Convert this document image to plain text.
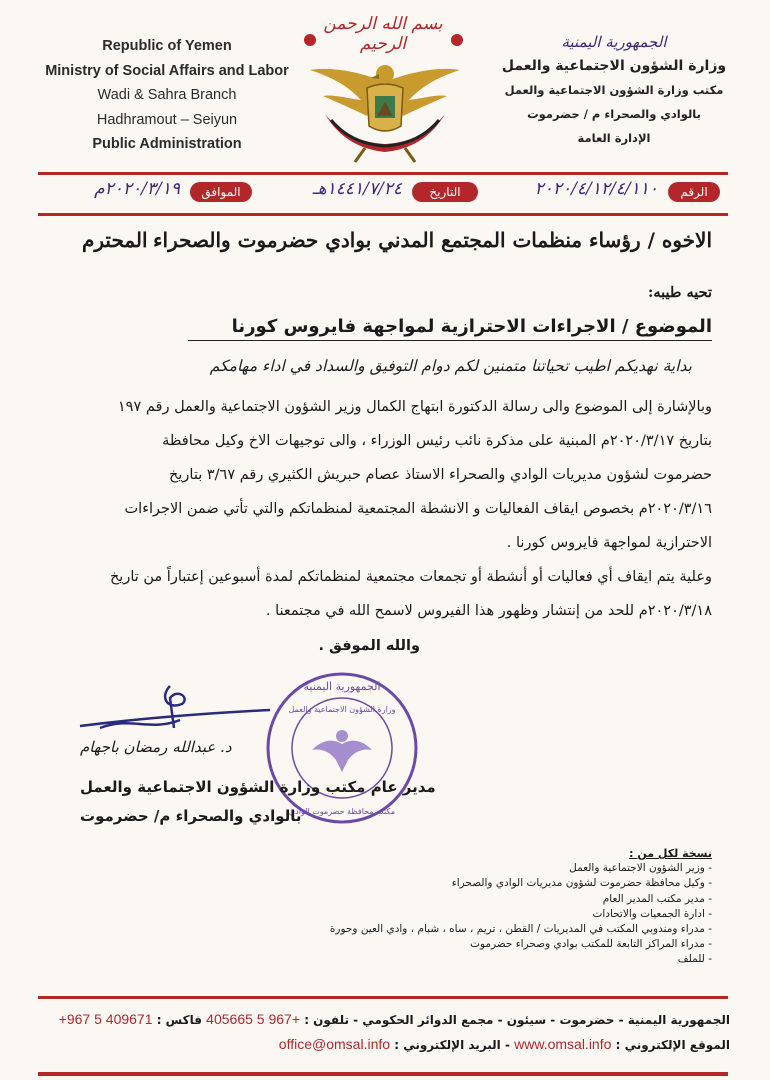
Republic of Yemen
Ministry of Social Affairs and Labor
Wadi & Sahra Branch
Hadhramout – Seiyun
Public Administration
بسم الله الرحمن الرحيم	الجمهورية اليمنية
وزارة الشؤون الاجتماعية والعمل
مكتب وزارة الشؤون الاجتماعية والعمل
بالوادي والصحراء م / حضرموت
الإدارة العامة
الرقم
٢٠٢٠/٤/١٢/٤/١١٠
التاريخ
١٤٤١/٧/٢٤هـ
الموافق
٢٠٢٠/٣/١٩م
الاخوه / رؤساء منظمات المجتمع المدني بوادي حضرموت والصحراء
المحترم
تحيه طيبه:
الموضوع / الاجراءات الاحترازية لمواجهة فايروس كورنا
بداية نهديكم اطيب تحياتنا متمنين لكم دوام التوفيق والسداد في اداء مهامكم
وبالإشارة إلى الموضوع والى رسالة الدكتورة ابتهاج الكمال وزير الشؤون الاجتماعية والعمل رقم ١٩٧
بتاريخ ٢٠٢٠/٣/١٧م المبنية على مذكرة نائب رئيس الوزراء ، والى توجيهات الاخ وكيل محافظة
حضرموت لشؤون مديريات الوادي والصحراء الاستاذ عصام حبريش الكثيري رقم ٣/٦٧ بتاريخ
٢٠٢٠/٣/١٦م بخصوص ايقاف الفعاليات و الانشطة المجتمعية لمنظماتكم والتي تأتي ضمن الاجراءات
الاحترازية لمواجهة فايروس كورنا .
وعلية يتم ايقاف أي فعاليات أو أنشطة أو تجمعات مجتمعية لمنظماتكم لمدة أسبوعين إعتباراً من تاريخ
٢٠٢٠/٣/١٨م للحد من إنتشار وظهور هذا الفيروس لاسمح الله في مجتمعنا .
والله الموفق .
الجمهورية اليمنية
وزارة الشؤون الاجتماعية والعمل
مكتب محافظة حضرموت الوادي
د. عبدالله رمضان باجهام
مدير عام مكتب وزارة الشؤون الاجتماعية والعمل
بالوادي والصحراء م/ حضرموت
نسخة لكل من :
- وزير الشؤون الاجتماعية والعمل
- وكيل محافظة حضرموت لشؤون مديريات الوادي والصحراء
- مدير مكتب المدير العام
- ادارة الجمعيات والاتحادات
- مدراء ومندوبي المكتب في المديريات / القطن ، تريم ، ساه ، شبام ، وادي العين وحورة
- مدراء المراكز التابعة للمكتب بوادي وصحراء حضرموت
- للملف
الجمهورية اليمنية - حضرموت - سيئون - مجمع الدوائر الحكومي - تلفون : 405665 5 967+ فاكس : +967 5 409671
الموقع الإلكتروني : www.omsal.info - البريد الإلكتروني : office@omsal.info
